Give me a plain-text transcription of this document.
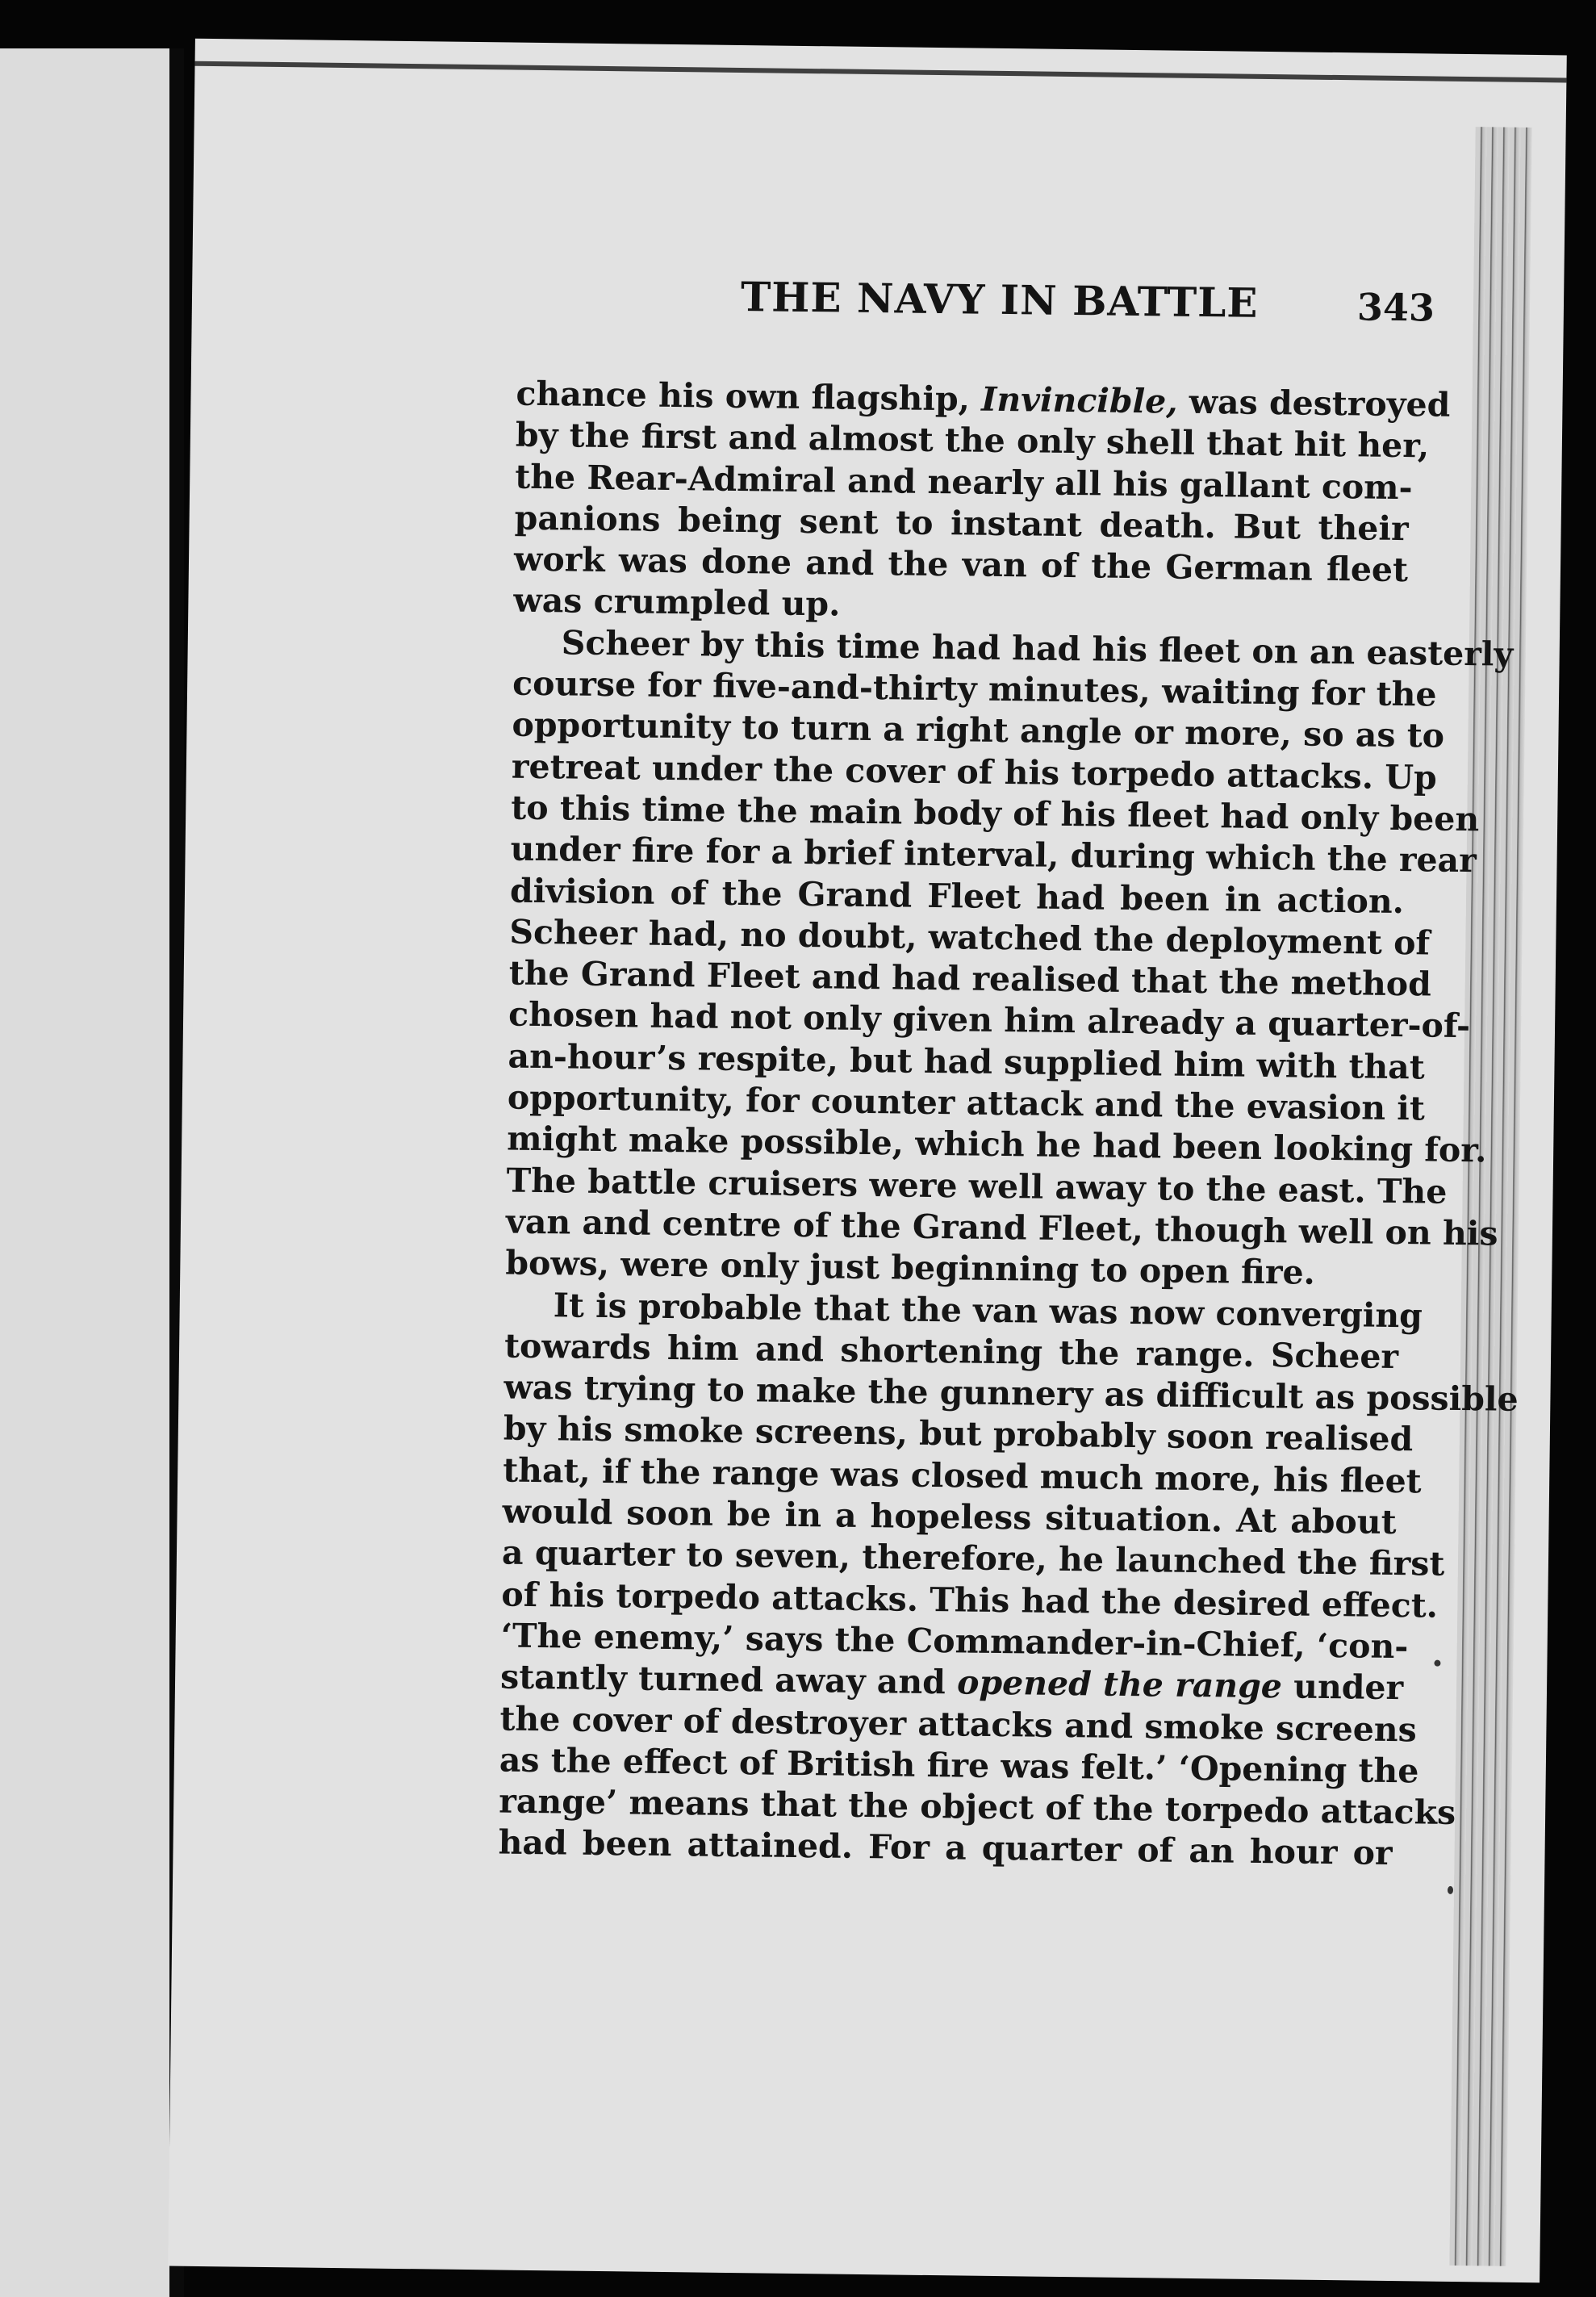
THE NAVY IN BATTLE	343
chance his own flagship, Invincible, was destroyed
by the first and almost the only shell that hit her,
the Rear-Admiral and nearly all his gallant com-
panions being sent to instant death. But their
work was done and the van of the German fleet
was crumpled up.
Scheer by this time had had his fleet on an easterly
course for five-and-thirty minutes, waiting for the
opportunity to turn a right angle or more, so as to
retreat under the cover of his torpedo attacks. Up
to this time the main body of his fleet had only been
under fire for a brief interval, during which the rear
division of the Grand Fleet had been in action.
Scheer had, no doubt, watched the deployment of
the Grand Fleet and had realised that the method
chosen had not only given him already a quarter-of-
an-hour’s respite, but had supplied him with that
opportunity, for counter attack and the evasion it
might make possible, which he had been looking for.
The battle cruisers were well away to the east. The
van and centre of the Grand Fleet, though well on his
bows, were only just beginning to open fire.
It is probable that the van was now converging
towards him and shortening the range. Scheer
was trying to make the gunnery as difficult as possible
by his smoke screens, but probably soon realised
that, if the range was closed much more, his fleet
would soon be in a hopeless situation. At about
a quarter to seven, therefore, he launched the first
of his torpedo attacks. This had the desired effect.
‘The enemy,’ says the Commander-in-Chief, ‘con-
stantly turned away and opened the range under
the cover of destroyer attacks and smoke screens
as the effect of British fire was felt.’ ‘Opening the
range’ means that the object of the torpedo attacks
had been attained. For a quarter of an hour or
